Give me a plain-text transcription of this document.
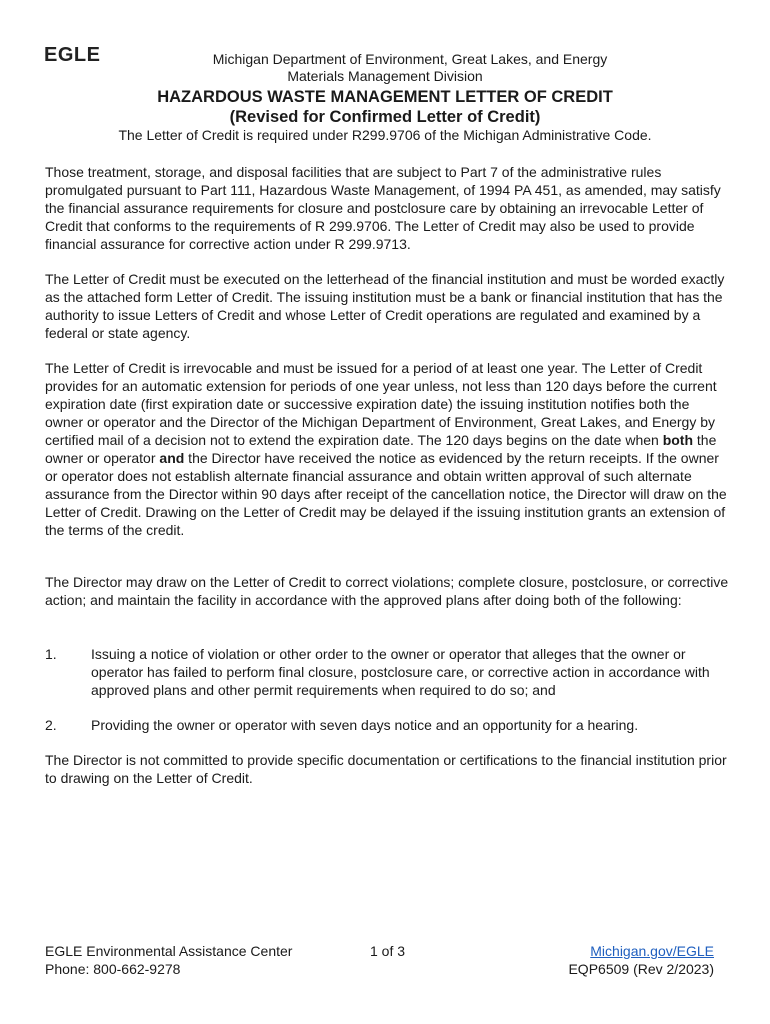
EGLE	Michigan Department of Environment, Great Lakes, and Energy
Materials Management Division
HAZARDOUS WASTE MANAGEMENT LETTER OF CREDIT
(Revised for Confirmed Letter of Credit)
The Letter of Credit is required under R299.9706 of the Michigan Administrative Code.
Those treatment, storage, and disposal facilities that are subject to Part 7 of the administrative rules promulgated pursuant to Part 111, Hazardous Waste Management, of 1994 PA 451, as amended, may satisfy the financial assurance requirements for closure and postclosure care by obtaining an irrevocable Letter of Credit that conforms to the requirements of R 299.9706. The Letter of Credit may also be used to provide financial assurance for corrective action under R 299.9713.
The Letter of Credit must be executed on the letterhead of the financial institution and must be worded exactly as the attached form Letter of Credit. The issuing institution must be a bank or financial institution that has the authority to issue Letters of Credit and whose Letter of Credit operations are regulated and examined by a federal or state agency.
The Letter of Credit is irrevocable and must be issued for a period of at least one year. The Letter of Credit provides for an automatic extension for periods of one year unless, not less than 120 days before the current expiration date (first expiration date or successive expiration date) the issuing institution notifies both the owner or operator and the Director of the Michigan Department of Environment, Great Lakes, and Energy by certified mail of a decision not to extend the expiration date. The 120 days begins on the date when both the owner or operator and the Director have received the notice as evidenced by the return receipts. If the owner or operator does not establish alternate financial assurance and obtain written approval of such alternate assurance from the Director within 90 days after receipt of the cancellation notice, the Director will draw on the Letter of Credit. Drawing on the Letter of Credit may be delayed if the issuing institution grants an extension of the terms of the credit.
The Director may draw on the Letter of Credit to correct violations; complete closure, postclosure, or corrective action; and maintain the facility in accordance with the approved plans after doing both of the following:
1. Issuing a notice of violation or other order to the owner or operator that alleges that the owner or operator has failed to perform final closure, postclosure care, or corrective action in accordance with approved plans and other permit requirements when required to do so; and
2. Providing the owner or operator with seven days notice and an opportunity for a hearing.
The Director is not committed to provide specific documentation or certifications to the financial institution prior to drawing on the Letter of Credit.
EGLE Environmental Assistance Center
Phone: 800-662-9278
1 of 3	Michigan.gov/EGLE
EQP6509 (Rev 2/2023)
